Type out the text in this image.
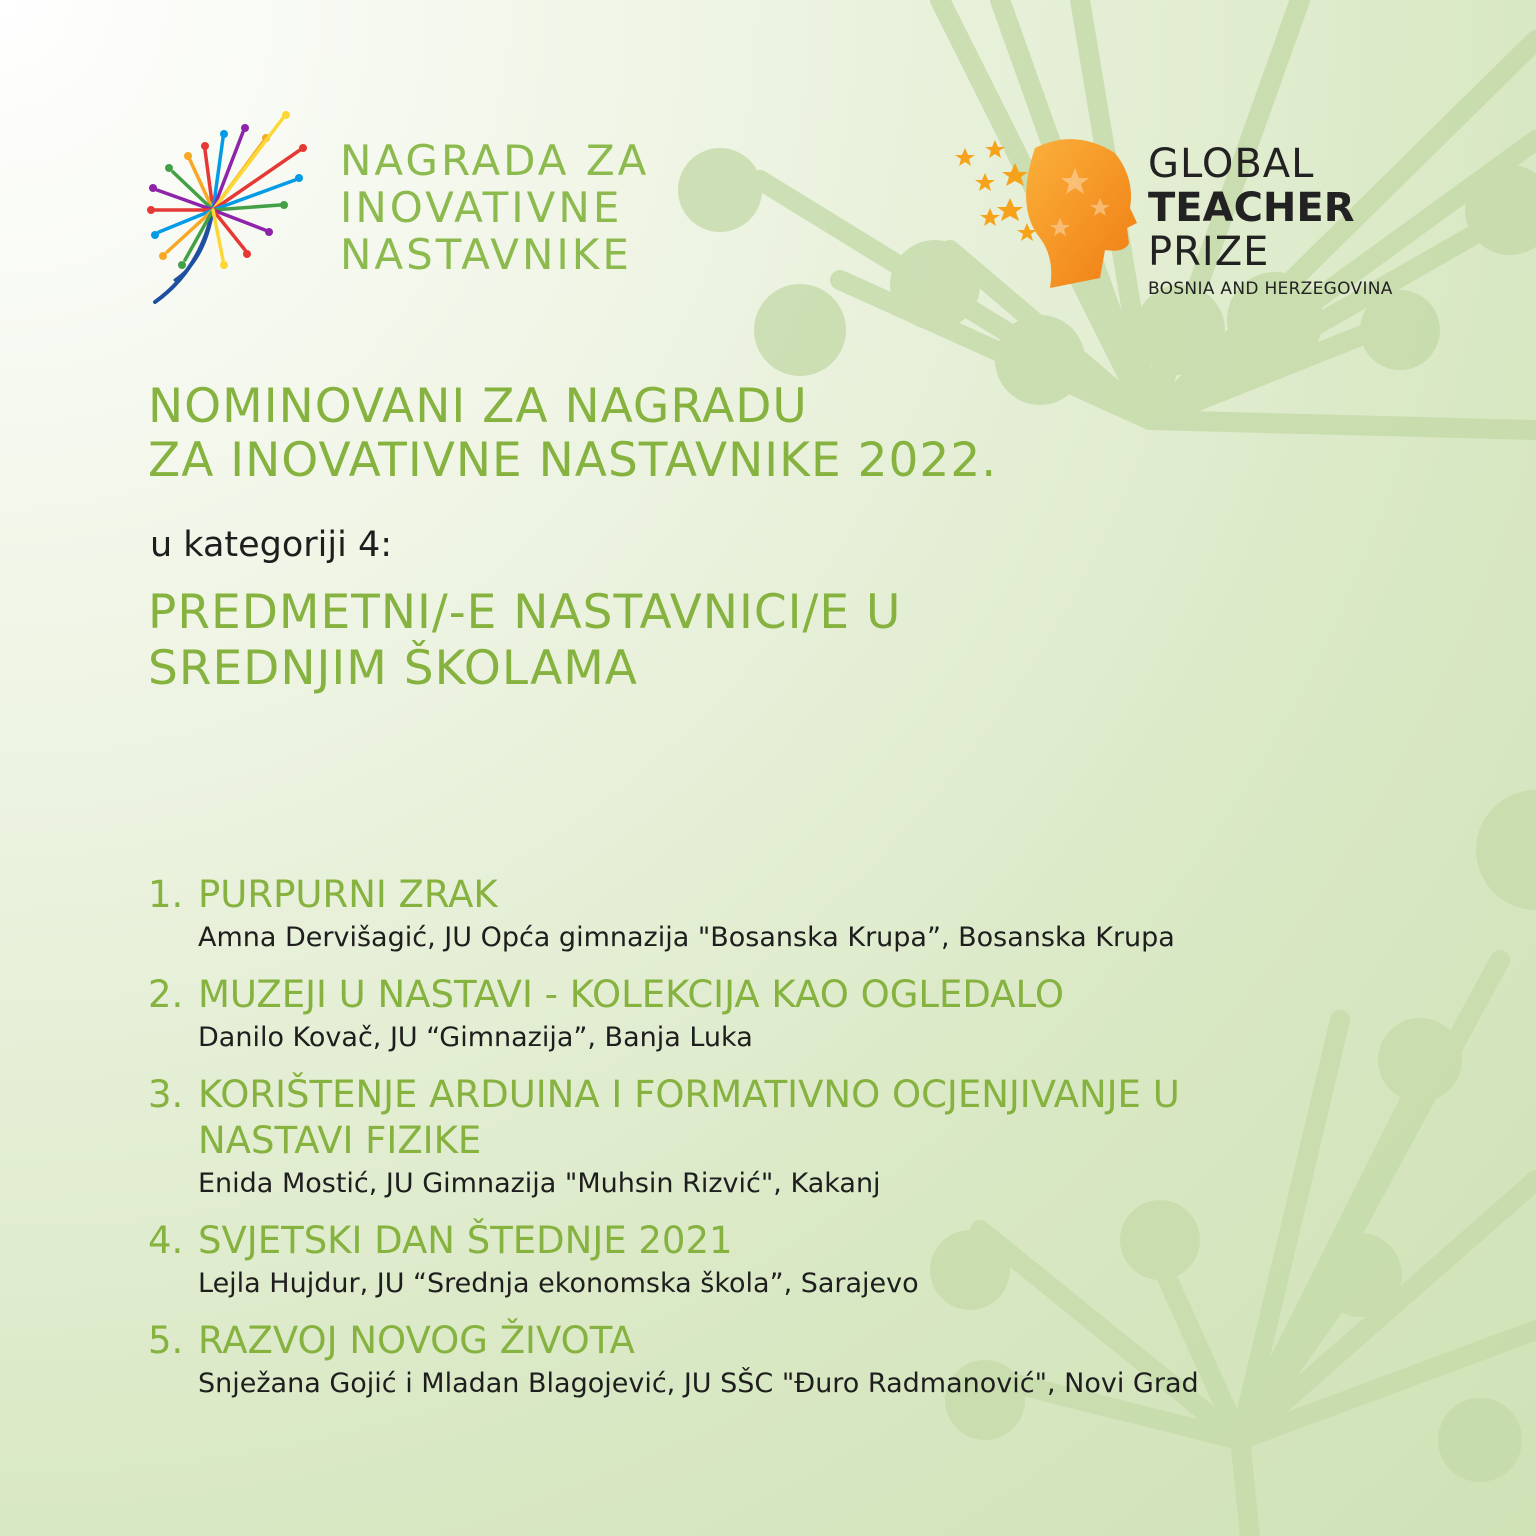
NAGRADA ZA
INOVATIVNE
NASTAVNIKE
GLOBAL
TEACHER
PRIZE
BOSNIA AND HERZEGOVINA
NOMINOVANI ZA NAGRADU
ZA INOVATIVNE NASTAVNIKE 2022.
u kategoriji 4:
PREDMETNI/-E NASTAVNICI/E U
SREDNJIM ŠKOLAMA
1. PURPURNI ZRAK
Amna Dervišagić, JU Opća gimnazija "Bosanska Krupa”, Bosanska Krupa
2. MUZEJI U NASTAVI - KOLEKCIJA KAO OGLEDALO
Danilo Kovač, JU “Gimnazija”, Banja Luka
3. KORIŠTENJE ARDUINA I FORMATIVNO OCJENJIVANJE U NASTAVI FIZIKE
Enida Mostić, JU Gimnazija "Muhsin Rizvić", Kakanj
4. SVJETSKI DAN ŠTEDNJE 2021
Lejla Hujdur, JU “Srednja ekonomska škola”, Sarajevo
5. RAZVOJ NOVOG ŽIVOTA
Snježana Gojić i Mladan Blagojević, JU SŠC "Đuro Radmanović", Novi Grad
